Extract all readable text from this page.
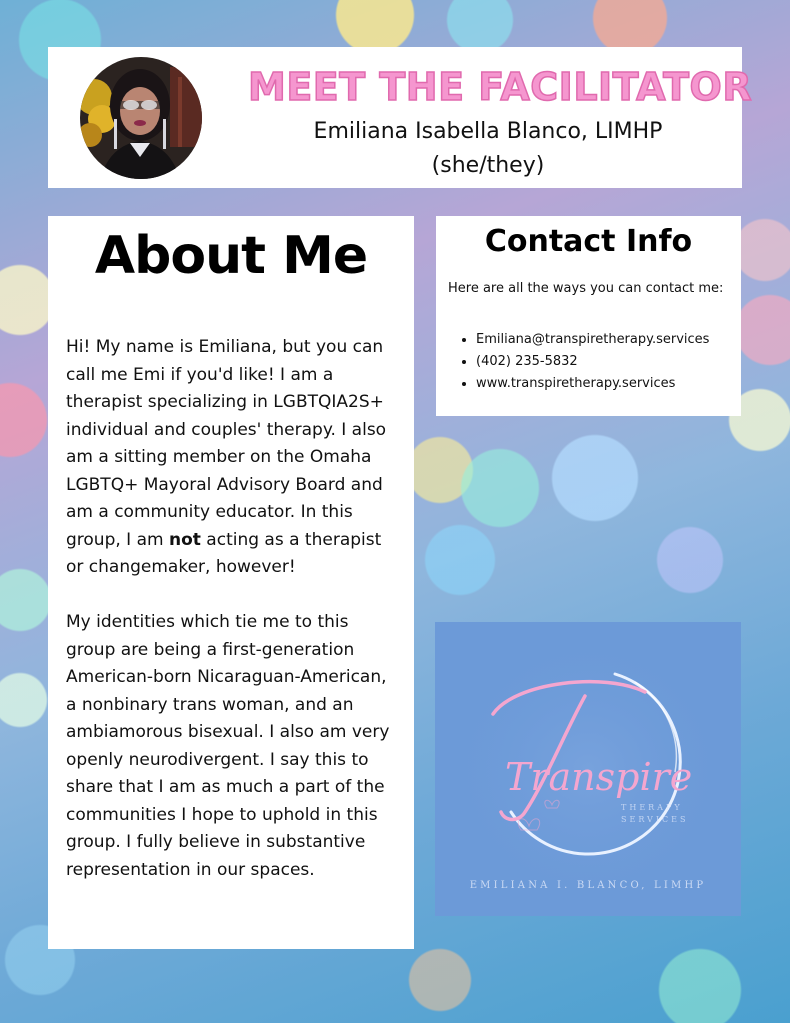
MEET THE FACILITATOR
Emiliana Isabella Blanco, LIMHP
(she/they)
About Me

Hi! My name is Emiliana, but you can call me Emi if you'd like! I am a therapist specializing in LGBTQIA2S+ individual and couples' therapy. I also am a sitting member on the Omaha LGBTQ+ Mayoral Advisory Board and am a community educator. In this group, I am not acting as a therapist or changemaker, however!

My identities which tie me to this group are being a first-generation American-born Nicaraguan-American, a nonbinary trans woman, and an ambiamorous bisexual. I also am very openly neurodivergent. I say this to share that I am as much a part of the communities I hope to uphold in this group. I fully believe in substantive representation in our spaces.

Contact Info
Here are all the ways you can contact me:
• Emiliana@transpiretherapy.services
• (402) 235-5832
• www.transpiretherapy.services
Transpire
THERAPY
SERVICES
EMILIANA I. BLANCO, LIMHP
